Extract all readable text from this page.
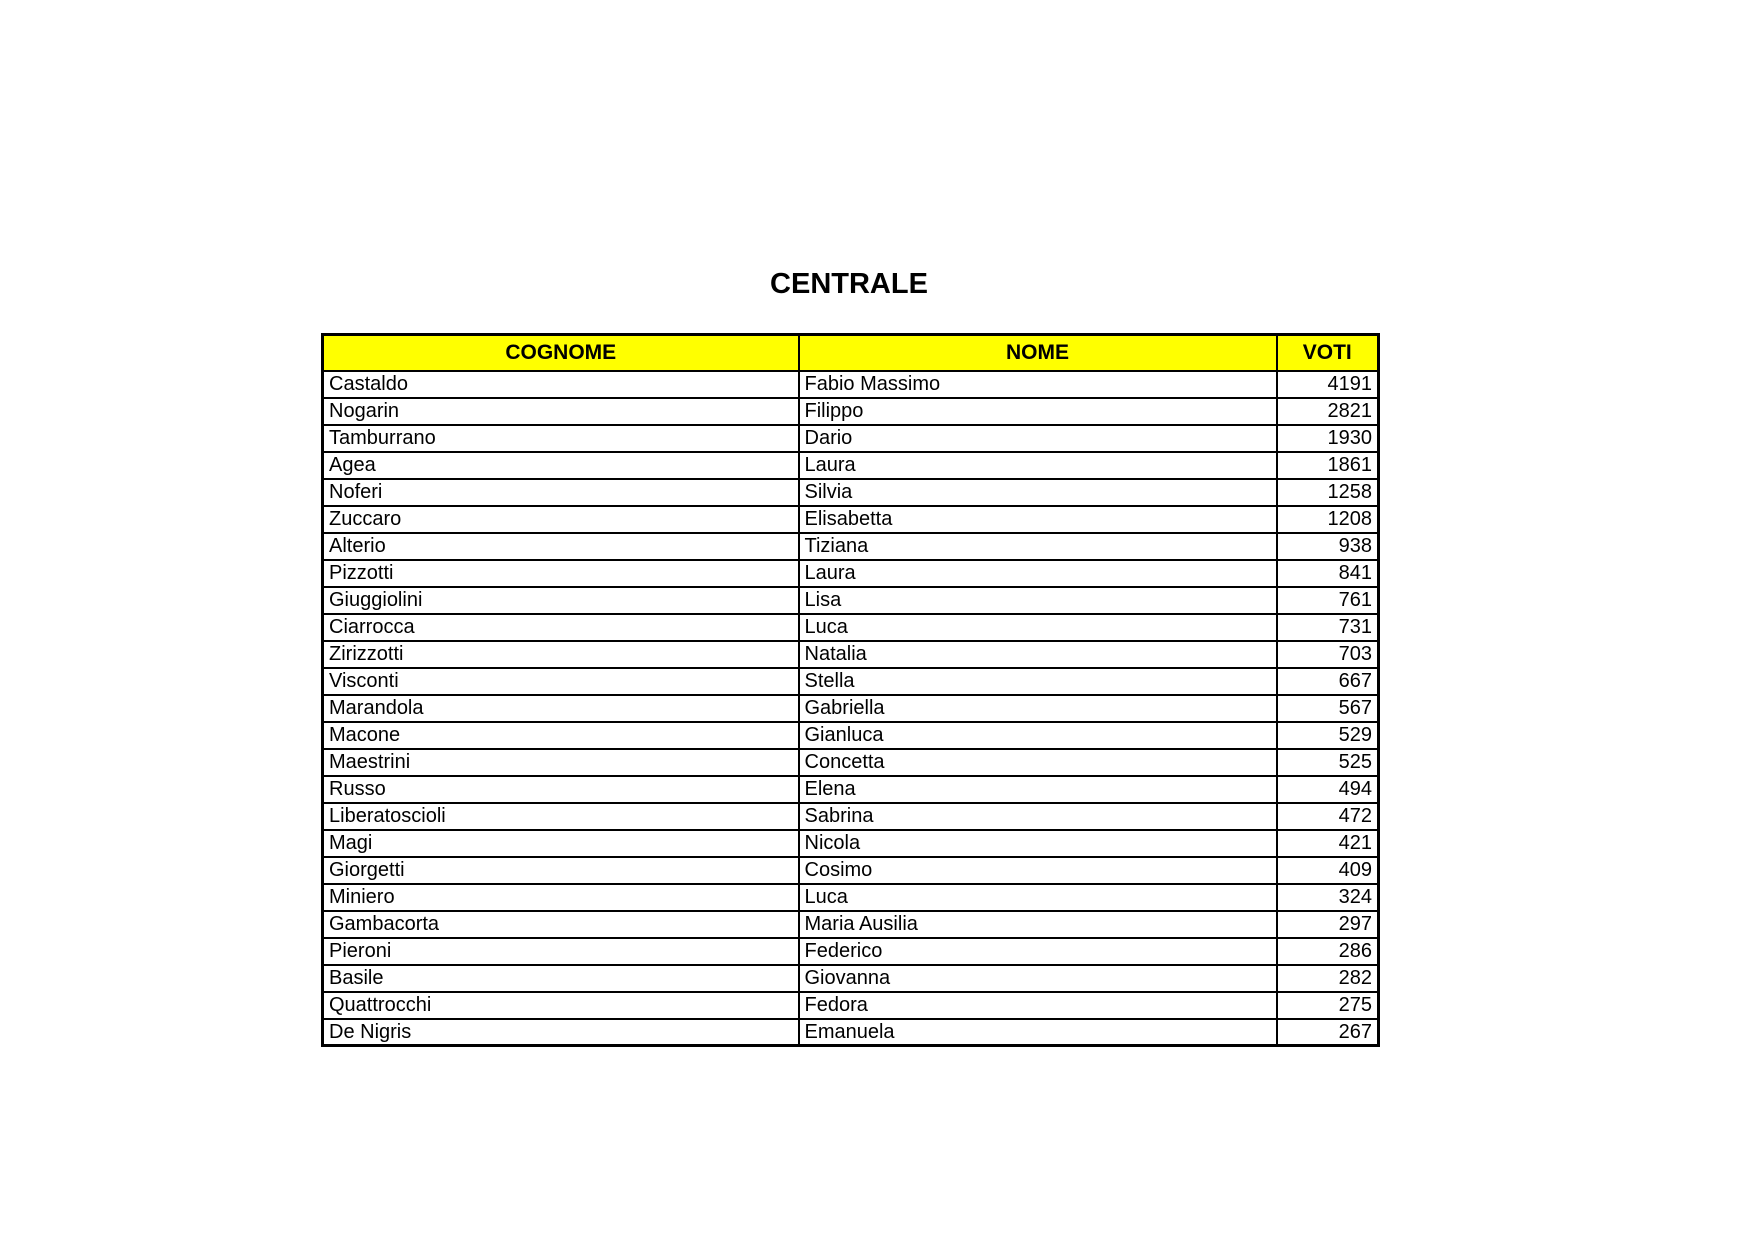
CENTRALE
COGNOME	NOME	VOTI
Castaldo	Fabio Massimo	4191
Nogarin	Filippo	2821
Tamburrano	Dario	1930
Agea	Laura	1861
Noferi	Silvia	1258
Zuccaro	Elisabetta	1208
Alterio	Tiziana	938
Pizzotti	Laura	841
Giuggiolini	Lisa	761
Ciarrocca	Luca	731
Zirizzotti	Natalia	703
Visconti	Stella	667
Marandola	Gabriella	567
Macone	Gianluca	529
Maestrini	Concetta	525
Russo	Elena	494
Liberatoscioli	Sabrina	472
Magi	Nicola	421
Giorgetti	Cosimo	409
Miniero	Luca	324
Gambacorta	Maria Ausilia	297
Pieroni	Federico	286
Basile	Giovanna	282
Quattrocchi	Fedora	275
De Nigris	Emanuela	267
